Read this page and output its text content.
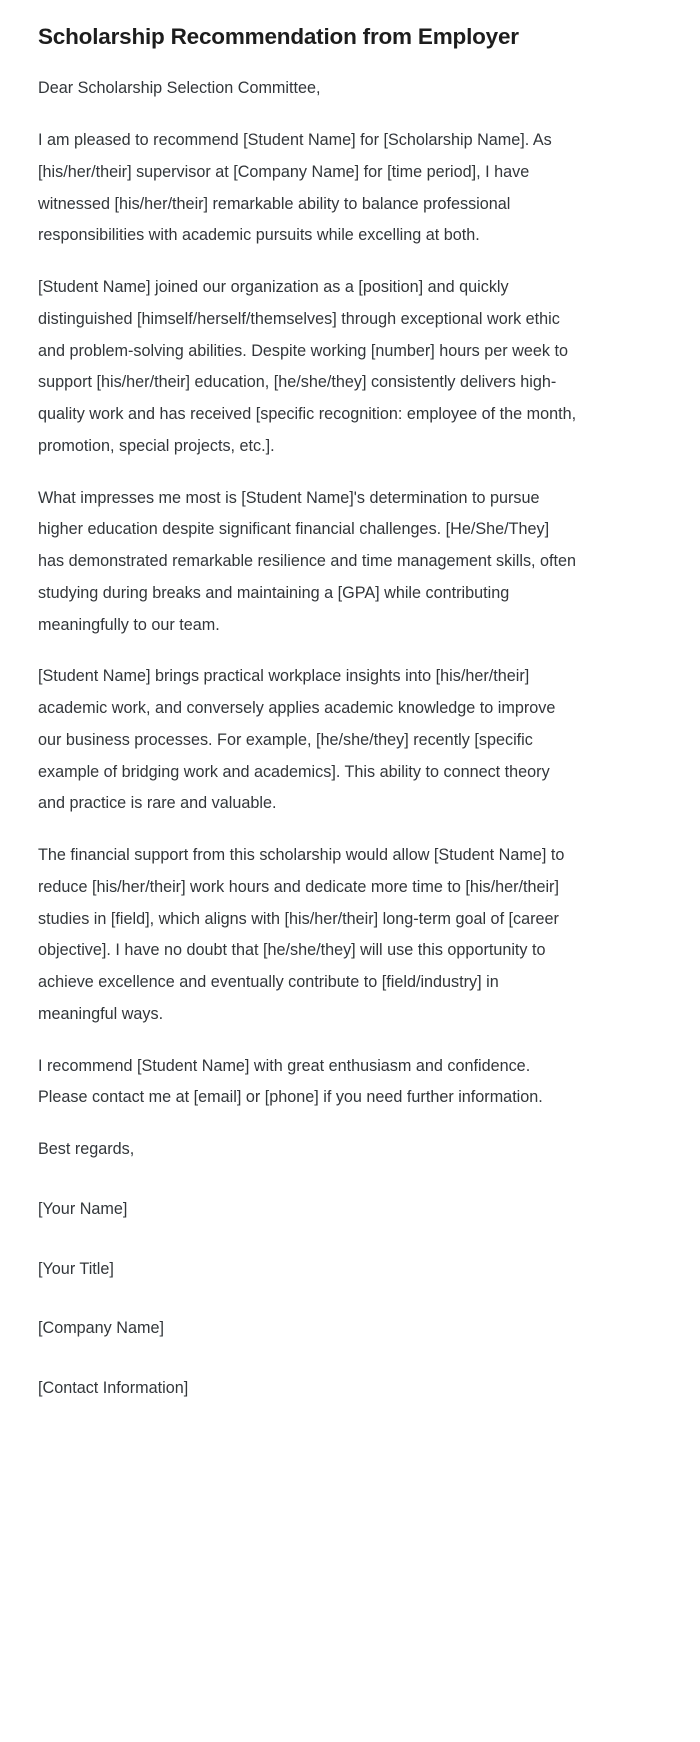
Scholarship Recommendation from Employer

Dear Scholarship Selection Committee,

I am pleased to recommend [Student Name] for [Scholarship Name]. As [his/her/their] supervisor at [Company Name] for [time period], I have witnessed [his/her/their] remarkable ability to balance professional responsibilities with academic pursuits while excelling at both.

[Student Name] joined our organization as a [position] and quickly distinguished [himself/herself/themselves] through exceptional work ethic and problem-solving abilities. Despite working [number] hours per week to support [his/her/their] education, [he/she/they] consistently delivers high-quality work and has received [specific recognition: employee of the month, promotion, special projects, etc.].

What impresses me most is [Student Name]'s determination to pursue higher education despite significant financial challenges. [He/She/They] has demonstrated remarkable resilience and time management skills, often studying during breaks and maintaining a [GPA] while contributing meaningfully to our team.

[Student Name] brings practical workplace insights into [his/her/their] academic work, and conversely applies academic knowledge to improve our business processes. For example, [he/she/they] recently [specific example of bridging work and academics]. This ability to connect theory and practice is rare and valuable.

The financial support from this scholarship would allow [Student Name] to reduce [his/her/their] work hours and dedicate more time to [his/her/their] studies in [field], which aligns with [his/her/their] long-term goal of [career objective]. I have no doubt that [he/she/they] will use this opportunity to achieve excellence and eventually contribute to [field/industry] in meaningful ways.

I recommend [Student Name] with great enthusiasm and confidence. Please contact me at [email] or [phone] if you need further information.

Best regards,

[Your Name]

[Your Title]

[Company Name]

[Contact Information]
